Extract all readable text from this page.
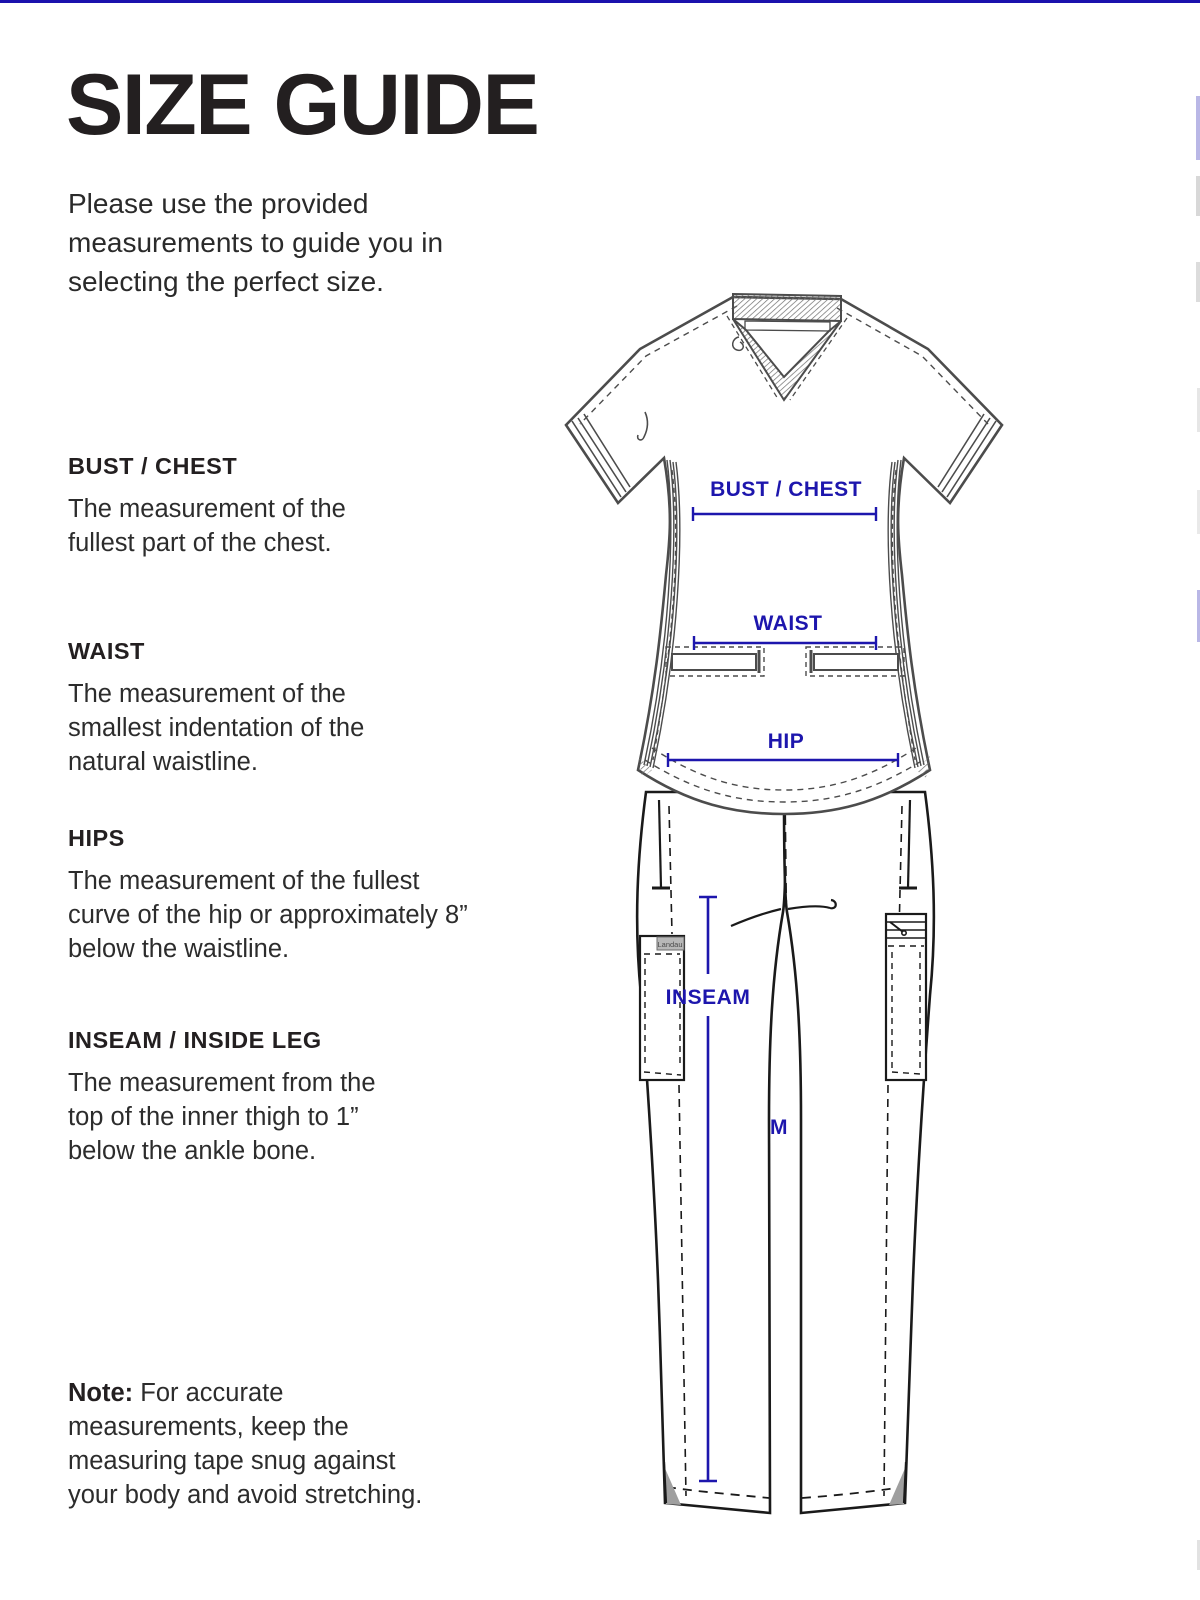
SIZE GUIDE
Please use the provided measurements to guide you in selecting the perfect size.
BUST / CHEST

The measurement of the fullest part of the chest.

WAIST

The measurement of the smallest indentation of the natural waistline.

HIPS

The measurement of the fullest curve of the hip or approximately 8” below the waistline.

INSEAM / INSIDE LEG

The measurement from the top of the inner thigh to 1” below the ankle bone.

Note: For accurate measurements, keep the measuring tape snug against your body and avoid stretching.
Landau
BUST / CHEST
WAIST
HIP
INSEAM
M
